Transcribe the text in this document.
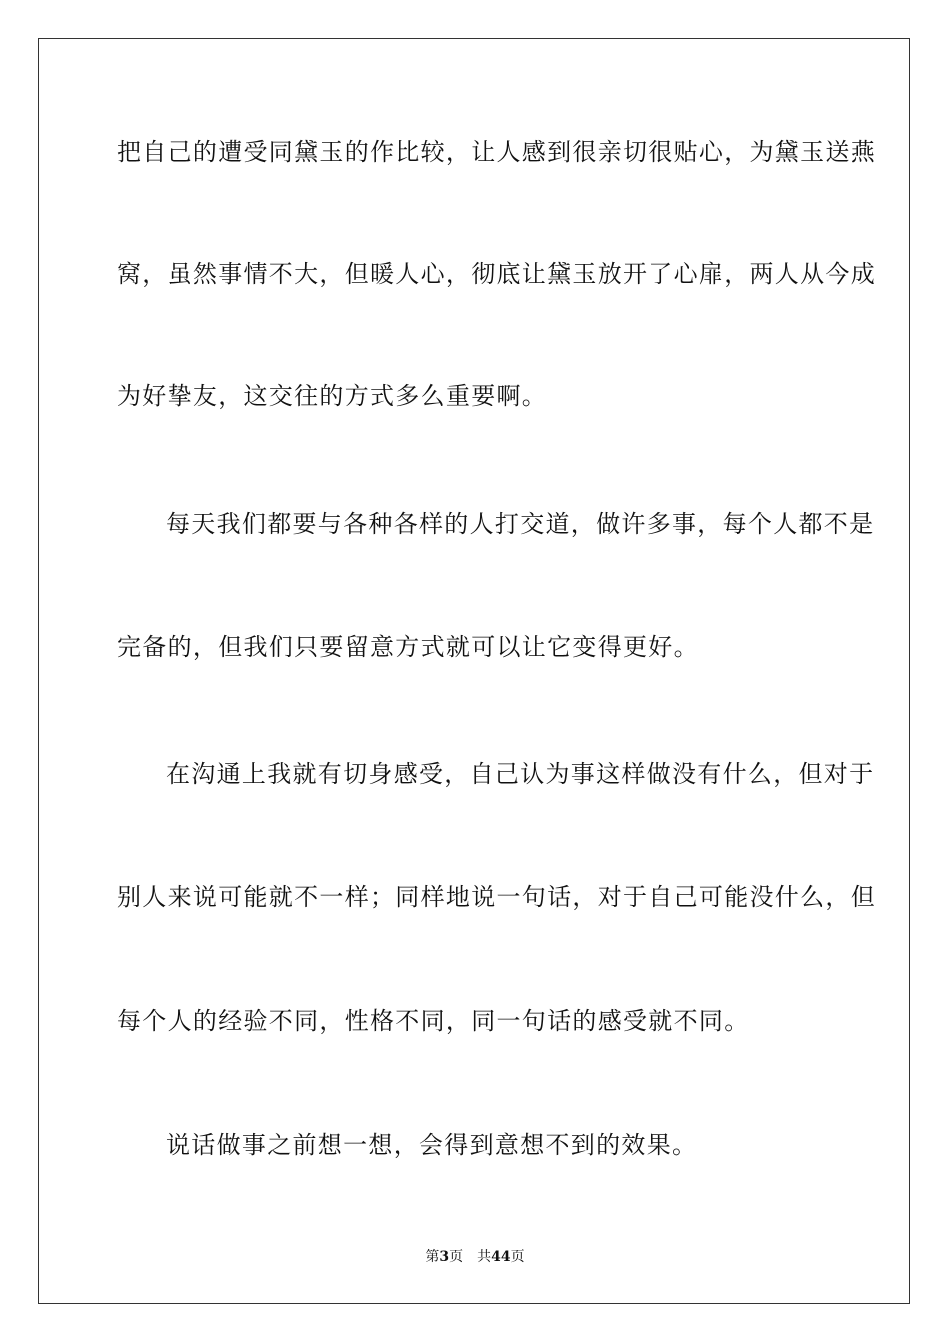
把自己的遭受同黛玉的作比较，让人感到很亲切很贴心，为黛玉送燕
窝，虽然事情不大，但暖人心，彻底让黛玉放开了心扉，两人从今成
为好挚友，这交往的方式多么重要啊。
每天我们都要与各种各样的人打交道，做许多事，每个人都不是
完备的，但我们只要留意方式就可以让它变得更好。
在沟通上我就有切身感受，自己认为事这样做没有什么，但对于
别人来说可能就不一样；同样地说一句话，对于自己可能没什么，但
每个人的经验不同，性格不同，同一句话的感受就不同。
说话做事之前想一想，会得到意想不到的效果。
第3页 共44页
